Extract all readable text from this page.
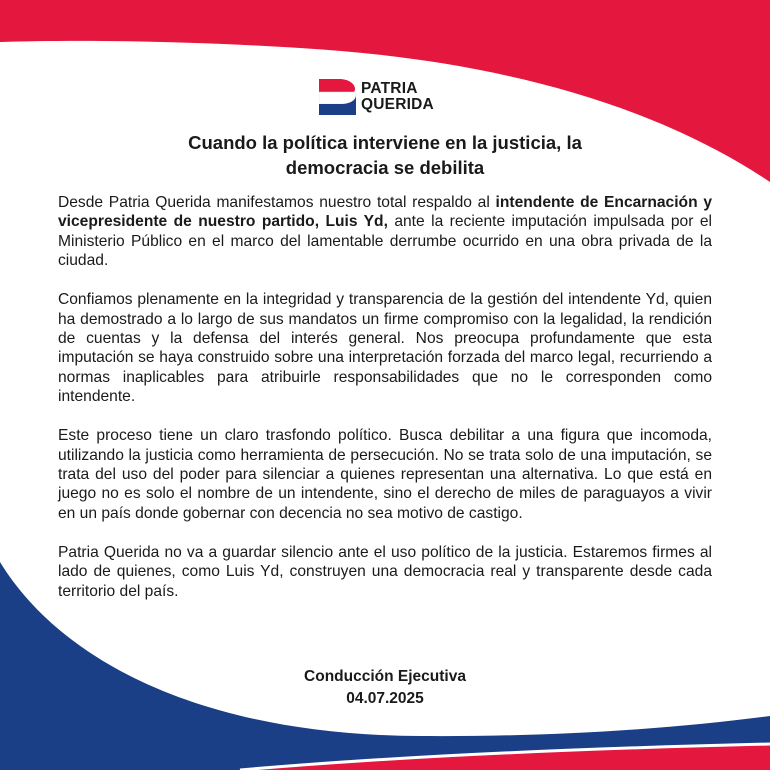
PATRIA
QUERIDA
Cuando la política interviene en la justicia, la
democracia se debilita

Desde Patria Querida manifestamos nuestro total respaldo al intendente de Encarnación y vicepresidente de nuestro partido, Luis Yd, ante la reciente imputación impulsada por el Ministerio Público en el marco del lamentable derrumbe ocurrido en una obra privada de la ciudad.

Confiamos plenamente en la integridad y transparencia de la gestión del intendente Yd, quien ha demostrado a lo largo de sus mandatos un firme compromiso con la legalidad, la rendición de cuentas y la defensa del interés general. Nos preocupa profundamente que esta imputación se haya construido sobre una interpretación forzada del marco legal, recurriendo a normas inaplicables para atribuirle responsabilidades que no le corresponden como intendente.

Este proceso tiene un claro trasfondo político. Busca debilitar a una figura que incomoda, utilizando la justicia como herramienta de persecución. No se trata solo de una imputación, se trata del uso del poder para silenciar a quienes representan una alternativa. Lo que está en juego no es solo el nombre de un intendente, sino el derecho de miles de paraguayos a vivir en un país donde gobernar con decencia no sea motivo de castigo.

Patria Querida no va a guardar silencio ante el uso político de la justicia. Estaremos firmes al lado de quienes, como Luis Yd, construyen una democracia real y transparente desde cada territorio del país.

Conducción Ejecutiva
04.07.2025
